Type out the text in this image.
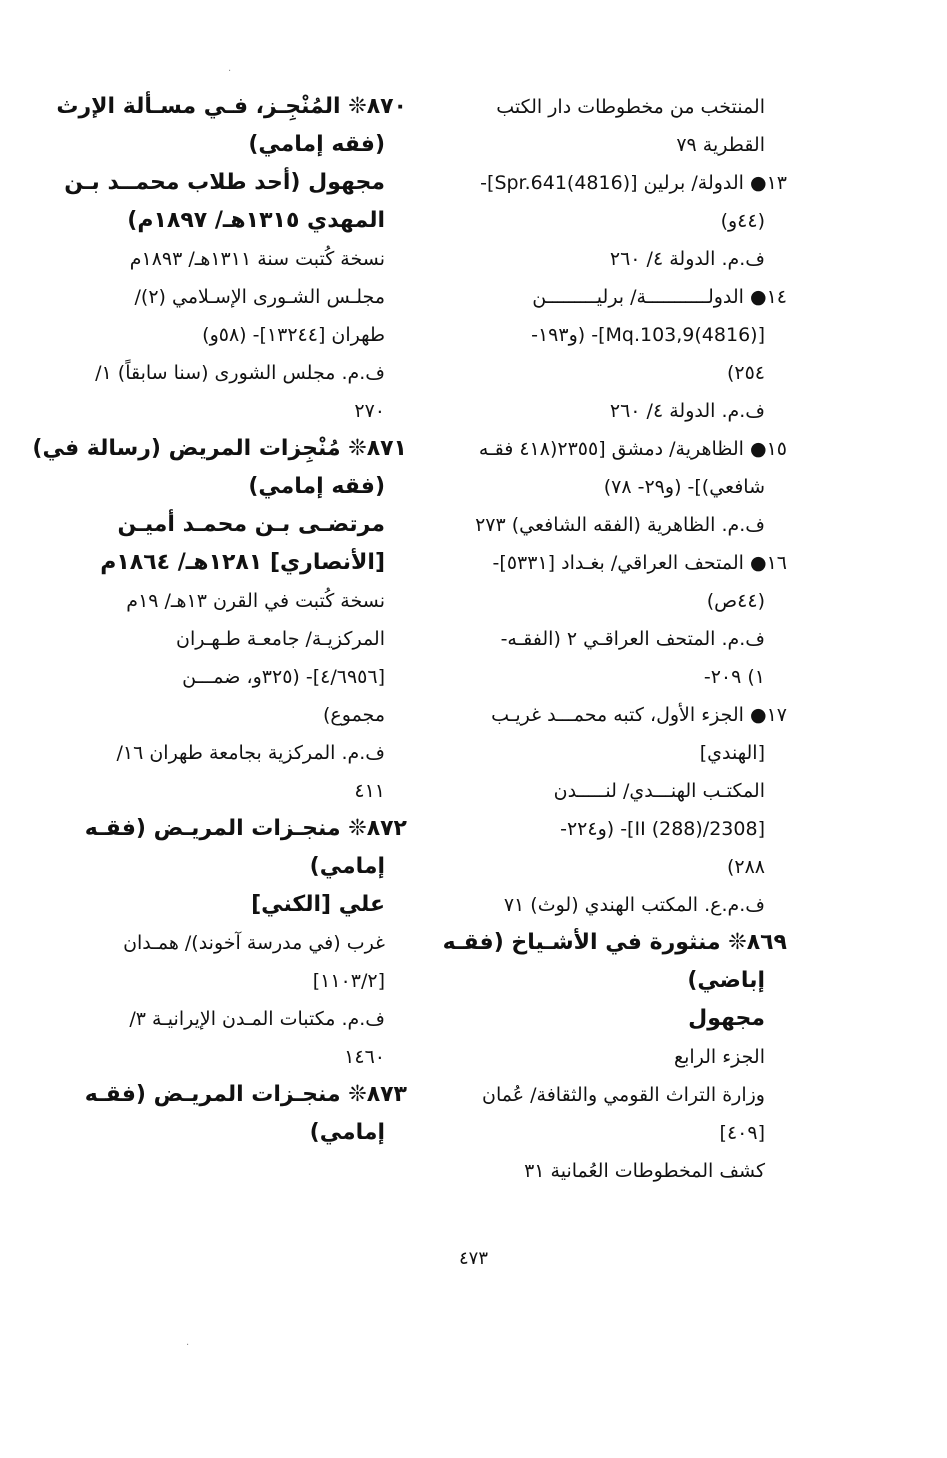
المنتخب من مخطوطات دار الكتب
القطرية ٧٩
١٣● الدولة/ برلين [Spr.641(4816)]-
(٤٤و)
ف.م. الدولة ٤/ ٢٦٠
١٤● الدولـــــــــــة/ برليـــــــــن
[Mq.103,9(4816)]- (و١٩٣-
٢٥٤)
ف.م. الدولة ٤/ ٢٦٠
١٥● الظاهرية/ دمشق [٢٣٥٥(٤١٨ فقـه
شافعي)]- (و٢٩- ٧٨)
ف.م. الظاهرية (الفقه الشافعي) ٢٧٣
١٦● المتحف العراقي/ بغـداد [٥٣٣١]-
(٤٤ص)
ف.م. المتحف العراقـي ٢ (الفقـه-
١) ٢٠٩-
١٧● الجزء الأول، كتبه محمـــد غريـب
[الهندي]
المكتـب الهنـــدي/ لنـــــدن
[2308/II (288)]- (و٢٢٤-
٢٨٨)
ف.م.ع. المكتب الهندي (لوث) ٧١
٨٦٩❊ منثورة في الأشـياخ (فقـه
إباضي)
مجهول
الجزء الرابع
وزارة التراث القومي والثقافة/ عُمان
[٤٠٩]
كشف المخطوطات العُمانية ٣١
٨٧٠❊ المُنْجِـز، فـي مسـألة الإرث
(فقه إمامي)
مجهول (أحد طلاب محمــد بـن
المهدي ١٣١٥هـ/ ١٨٩٧م)
نسخة كُتبت سنة ١٣١١هـ/ ١٨٩٣م
مجلـس الشـورى الإسـلامي (٢)/
طهران [١٣٢٤٤]- (٥٨و)
ف.م. مجلس الشورى (سنا سابقاً) ١/
٢٧٠
٨٧١❊ مُنْجِزات المريض (رسالة في)
(فقه إمامي)
مرتضـى بـن محمـد أميـن
[الأنصاري] ١٢٨١هـ/ ١٨٦٤م
نسخة كُتبت في القرن ١٣هـ/ ١٩م
المركزيـة/ جامعـة طـهـران
[٤/٦٩٥٦]- (٣٢٥و، ضمـــن
مجموع)
ف.م. المركزية بجامعة طهران ١٦/
٤١١
٨٧٢❊ منجـزات المريـض (فقـه
إمامي)
علي [الكني]
غرب (في مدرسة آخوند)/ همـدان
[١١٠٣/٢]
ف.م. مكتبات المـدن الإيرانيـة ٣/
١٤٦٠
٨٧٣❊ منجـزات المريـض (فقـه
إمامي)
٤٧٣
·
·
